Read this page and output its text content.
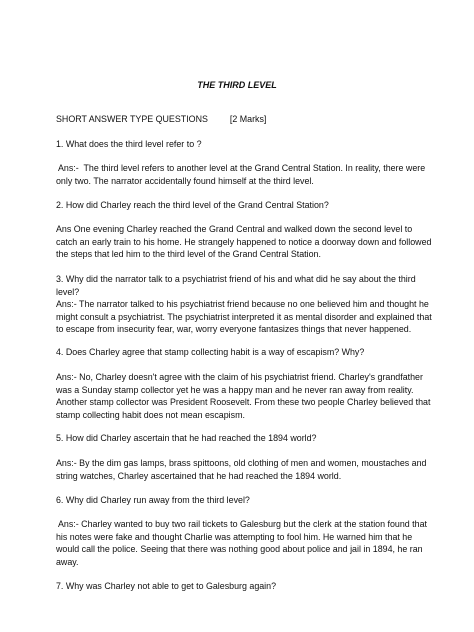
THE THIRD LEVEL

SHORT ANSWER TYPE QUESTIONS [2 Marks]

1. What does the third level refer to ?

Ans:-  The third level refers to another level at the Grand Central Station. In reality, there were
only two. The narrator accidentally found himself at the third level.

2. How did Charley reach the third level of the Grand Central Station?

Ans One evening Charley reached the Grand Central and walked down the second level to
catch an early train to his home. He strangely happened to notice a doorway down and followed
the steps that led him to the third level of the Grand Central Station.

3. Why did the narrator talk to a psychiatrist friend of his and what did he say about the third
level?

Ans:- The narrator talked to his psychiatrist friend because no one believed him and thought he
might consult a psychiatrist. The psychiatrist interpreted it as mental disorder and explained that
to escape from insecurity fear, war, worry everyone fantasizes things that never happened.

4. Does Charley agree that stamp collecting habit is a way of escapism? Why?

Ans:- No, Charley doesn't agree with the claim of his psychiatrist friend. Charley's grandfather
was a Sunday stamp collector yet he was a happy man and he never ran away from reality.
Another stamp collector was President Roosevelt. From these two people Charley believed that
stamp collecting habit does not mean escapism.

5. How did Charley ascertain that he had reached the 1894 world?

Ans:- By the dim gas lamps, brass spittoons, old clothing of men and women, moustaches and
string watches, Charley ascertained that he had reached the 1894 world.

6. Why did Charley run away from the third level?

Ans:- Charley wanted to buy two rail tickets to Galesburg but the clerk at the station found that
his notes were fake and thought Charlie was attempting to fool him. He warned him that he
would call the police. Seeing that there was nothing good about police and jail in 1894, he ran
away.

7. Why was Charley not able to get to Galesburg again?
